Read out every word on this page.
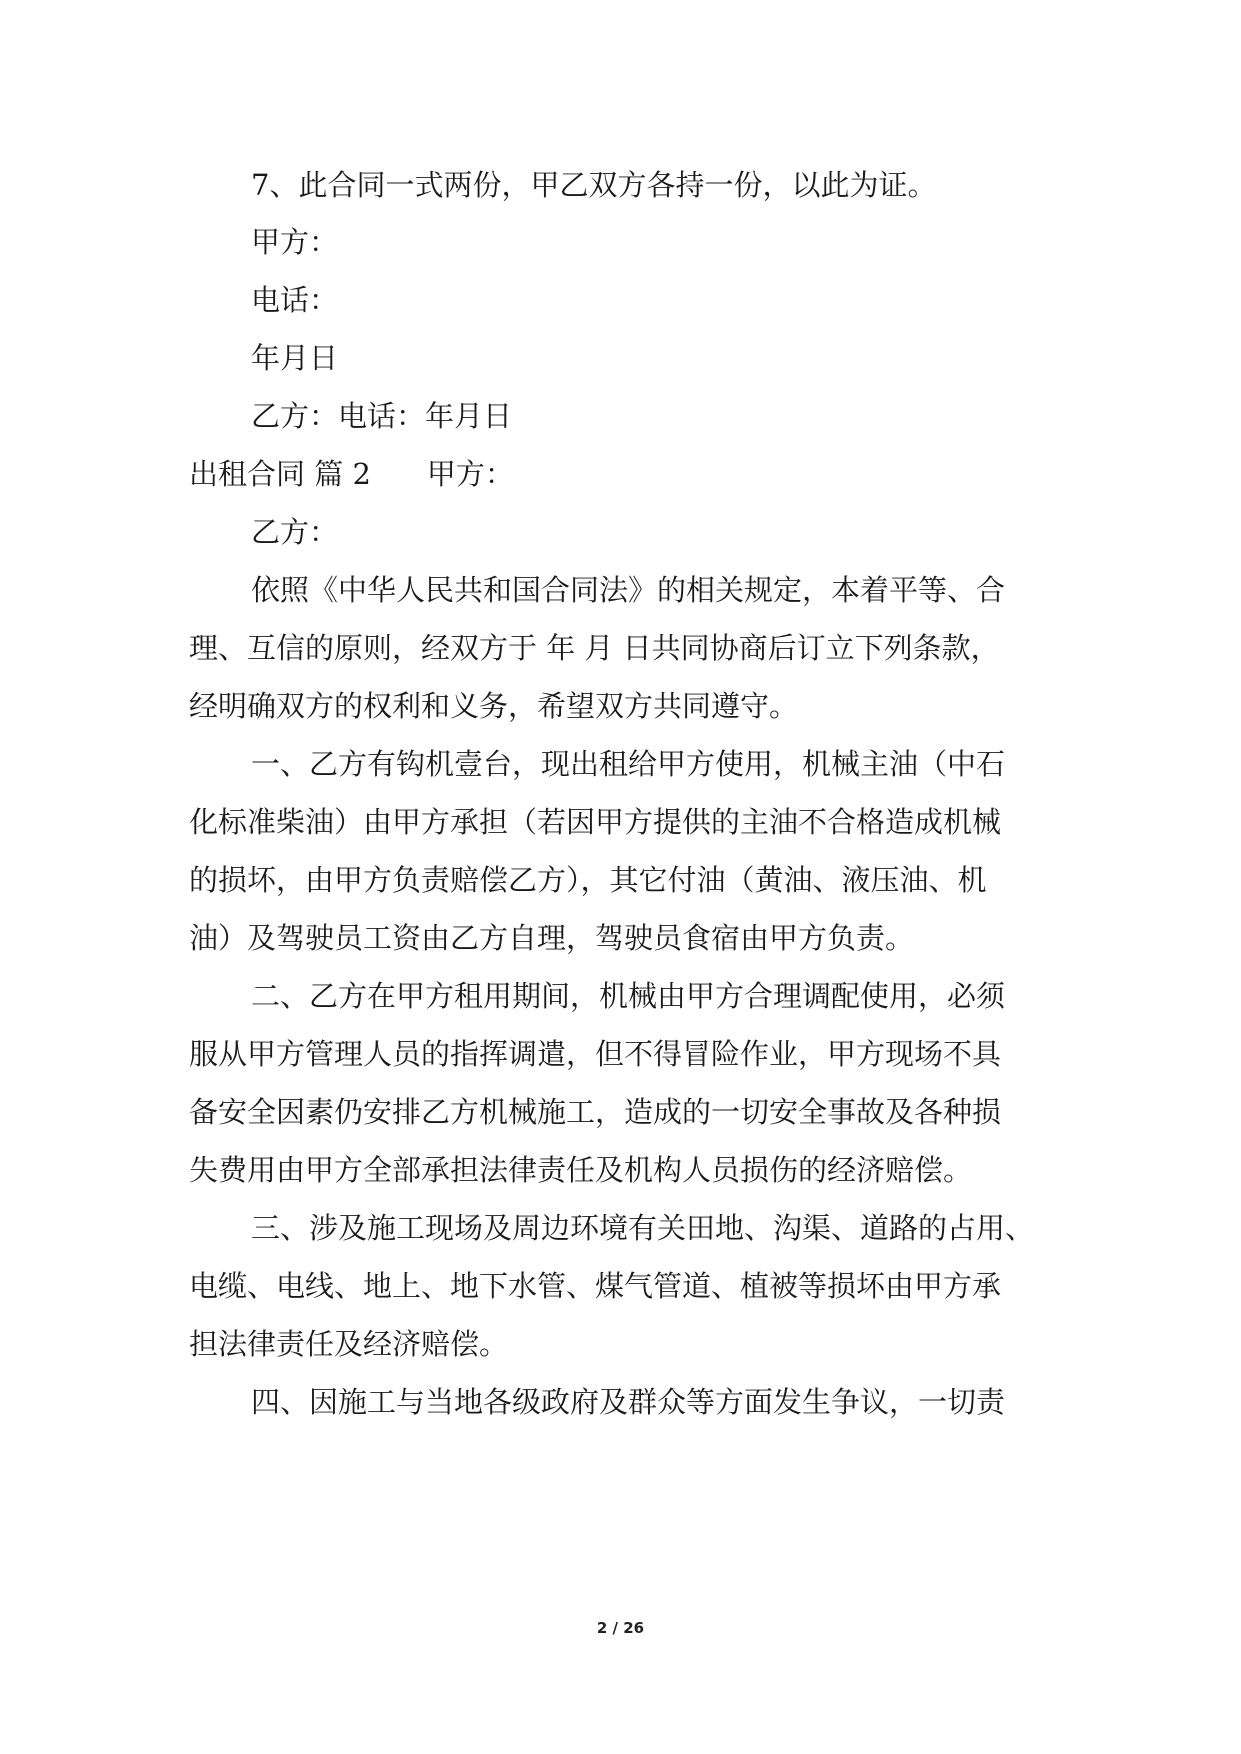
7、此合同一式两份，甲乙双方各持一份，以此为证。
甲方：
电话：
年月日
乙方：电话：年月日
出租合同 篇 2 甲方：
乙方：
依照《中华人民共和国合同法》的相关规定，本着平等、合
理、互信的原则，经双方于 年 月 日共同协商后订立下列条款，
经明确双方的权利和义务，希望双方共同遵守。
一、乙方有钩机壹台，现出租给甲方使用，机械主油（中石
化标准柴油）由甲方承担（若因甲方提供的主油不合格造成机械
的损坏，由甲方负责赔偿乙方），其它付油（黄油、液压油、机
油）及驾驶员工资由乙方自理，驾驶员食宿由甲方负责。
二、乙方在甲方租用期间，机械由甲方合理调配使用，必须
服从甲方管理人员的指挥调遣，但不得冒险作业，甲方现场不具
备安全因素仍安排乙方机械施工，造成的一切安全事故及各种损
失费用由甲方全部承担法律责任及机构人员损伤的经济赔偿。
三、涉及施工现场及周边环境有关田地、沟渠、道路的占用、
电缆、电线、地上、地下水管、煤气管道、植被等损坏由甲方承
担法律责任及经济赔偿。
四、因施工与当地各级政府及群众等方面发生争议，一切责
2 / 26
